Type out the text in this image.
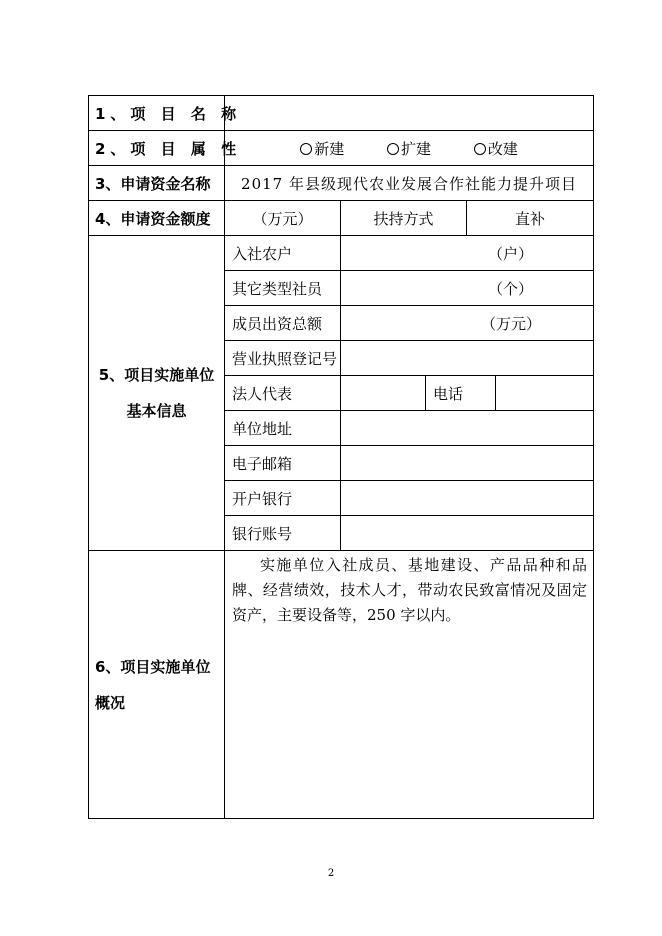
1、项 目 名 称					
2、项 目 属 性	新建 扩建 改建				
3、申请资金名称	2017 年县级现代农业发展合作社能力提升项目				
4、申请资金额度	（万元）	扶持方式		直补	

5、项目实施单位
基本信息	入社农户	（户）			
	其它类型社员	（个）			
	成员出资总额	（万元）			
	营业执照登记号				
	法人代表		电话		
	单位地址				
	电子邮箱				
	开户银行				
	银行账号				

6、项目实施单位
概况	实施单位入社成员、基地建设、产品品种和品牌、经营绩效，技术人才，带动农民致富情况及固定资产，主要设备等，250 字以内。				
2
